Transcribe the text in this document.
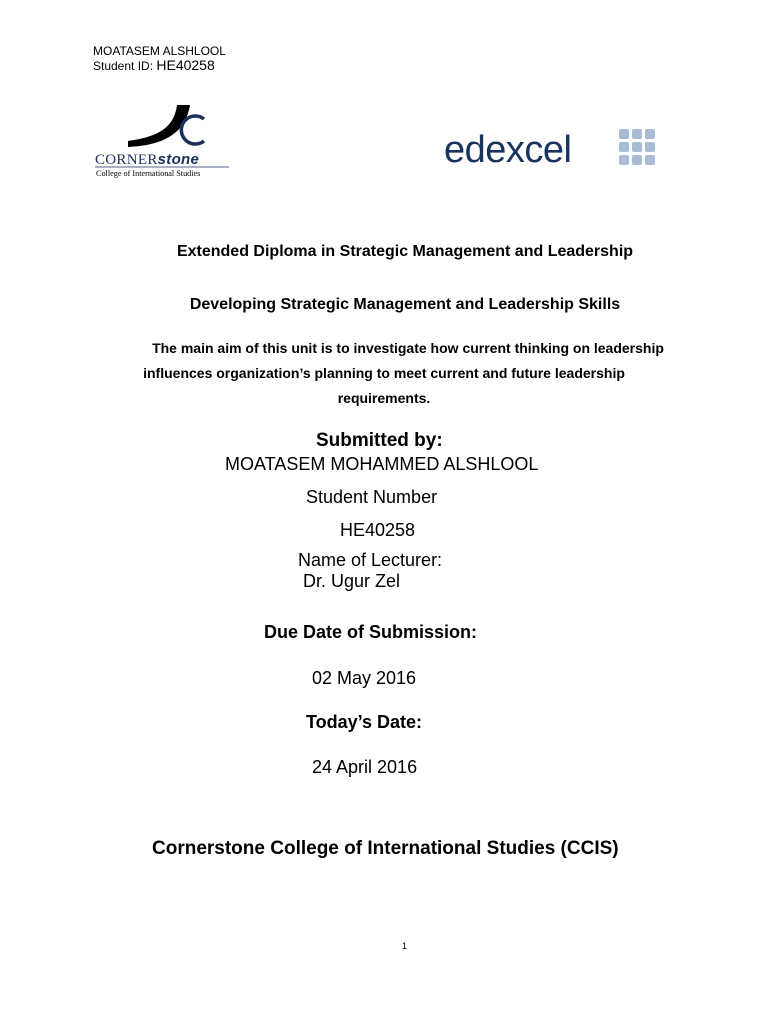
MOATASEM ALSHLOOL
Student ID: HE40258
CORNERstone
College of International Studies
edexcel
Extended Diploma in Strategic Management and Leadership
Developing Strategic Management and Leadership Skills
The main aim of this unit is to investigate how current thinking on leadership influences organization’s planning to meet current and future leadership requirements.
Submitted by:
MOATASEM MOHAMMED ALSHLOOL
Student Number
HE40258
Name of Lecturer:
Dr. Ugur Zel
Due Date of Submission:
02 May 2016
Today’s Date:
24 April 2016
Cornerstone College of International Studies (CCIS)
1
